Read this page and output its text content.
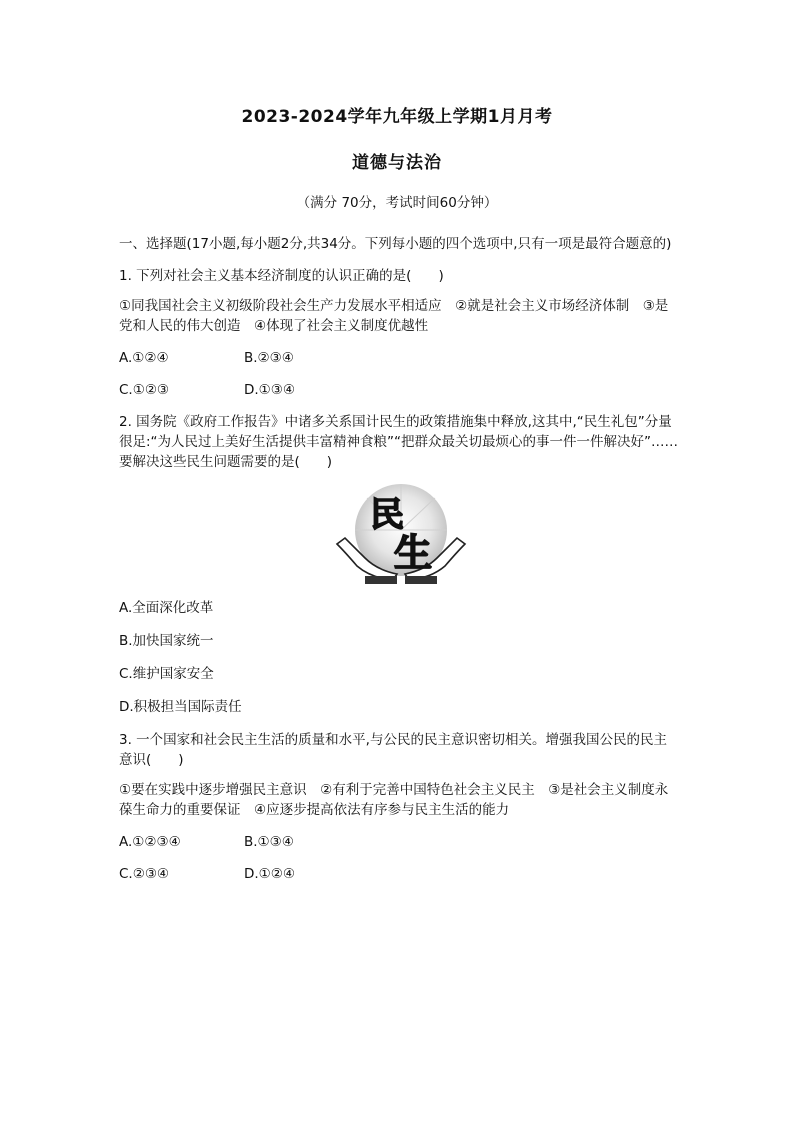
2023-2024学年九年级上学期1月月考
道德与法治
（满分 70分，考试时间60分钟）
一、选择题(17小题,每小题2分,共34分。下列每小题的四个选项中,只有一项是最符合题意的)
1. 下列对社会主义基本经济制度的认识正确的是(　　)
①同我国社会主义初级阶段社会生产力发展水平相适应　②就是社会主义市场经济体制　③是党和人民的伟大创造　④体现了社会主义制度优越性
A.①②④	B.②③④
C.①②③	D.①③④
2. 国务院《政府工作报告》中诸多关系国计民生的政策措施集中释放,这其中,“民生礼包”分量很足:“为人民过上美好生活提供丰富精神食粮”“把群众最关切最烦心的事一件一件解决好”……要解决这些民生问题需要的是(　　)
民
生
A.全面深化改革
B.加快国家统一
C.维护国家安全
D.积极担当国际责任
3. 一个国家和社会民主生活的质量和水平,与公民的民主意识密切相关。增强我国公民的民主意识(　　)
①要在实践中逐步增强民主意识　②有利于完善中国特色社会主义民主　③是社会主义制度永葆生命力的重要保证　④应逐步提高依法有序参与民主生活的能力
A.①②③④	B.①③④
C.②③④	D.①②④
